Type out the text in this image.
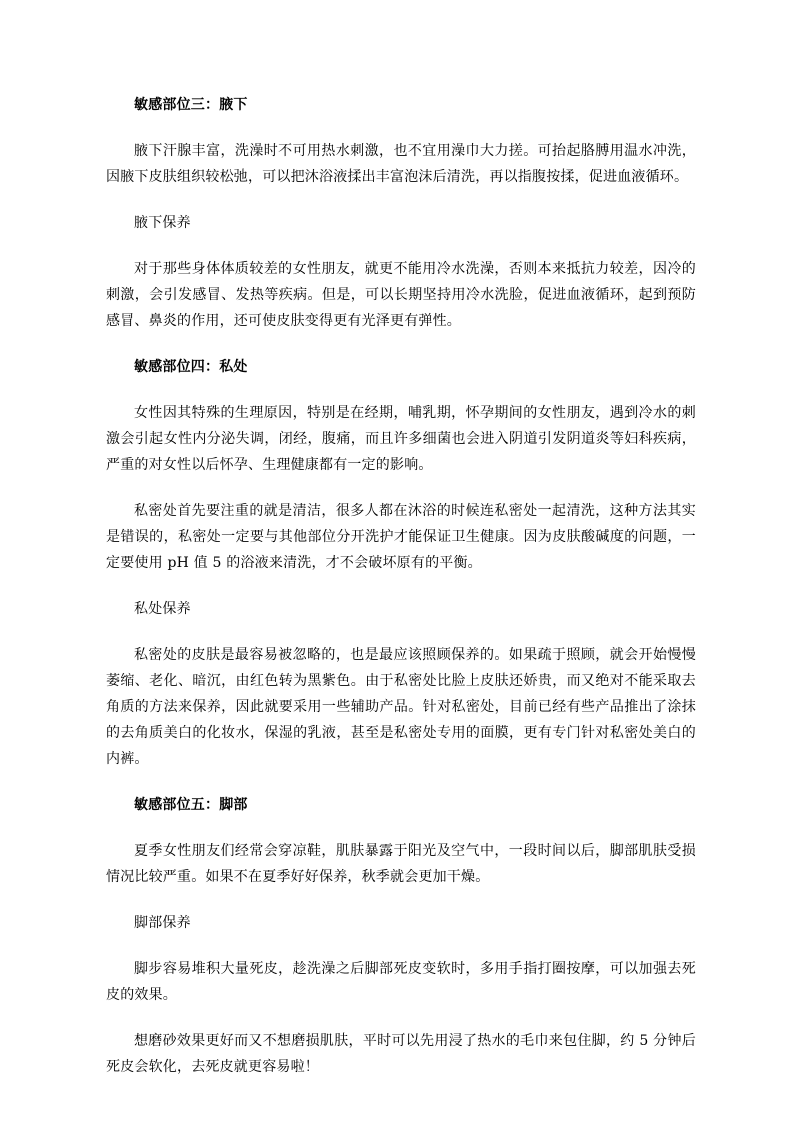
敏感部位三：腋下

腋下汗腺丰富，洗澡时不可用热水刺激，也不宜用澡巾大力搓。可抬起胳膊用温水冲洗，因腋下皮肤组织较松弛，可以把沐浴液揉出丰富泡沫后清洗，再以指腹按揉，促进血液循环。

腋下保养

对于那些身体体质较差的女性朋友，就更不能用冷水洗澡，否则本来抵抗力较差，因冷的刺激，会引发感冒、发热等疾病。但是，可以长期坚持用冷水洗脸，促进血液循环，起到预防感冒、鼻炎的作用，还可使皮肤变得更有光泽更有弹性。

敏感部位四：私处

女性因其特殊的生理原因，特别是在经期，哺乳期，怀孕期间的女性朋友，遇到冷水的刺激会引起女性内分泌失调，闭经，腹痛，而且许多细菌也会进入阴道引发阴道炎等妇科疾病，严重的对女性以后怀孕、生理健康都有一定的影响。

私密处首先要注重的就是清洁，很多人都在沐浴的时候连私密处一起清洗，这种方法其实是错误的，私密处一定要与其他部位分开洗护才能保证卫生健康。因为皮肤酸碱度的问题，一定要使用 pH 值 5 的浴液来清洗，才不会破坏原有的平衡。

私处保养

私密处的皮肤是最容易被忽略的，也是最应该照顾保养的。如果疏于照顾，就会开始慢慢萎缩、老化、暗沉，由红色转为黑紫色。由于私密处比脸上皮肤还娇贵，而又绝对不能采取去角质的方法来保养，因此就要采用一些辅助产品。针对私密处，目前已经有些产品推出了涂抹的去角质美白的化妆水，保湿的乳液，甚至是私密处专用的面膜，更有专门针对私密处美白的内裤。

敏感部位五：脚部

夏季女性朋友们经常会穿凉鞋，肌肤暴露于阳光及空气中，一段时间以后，脚部肌肤受损情况比较严重。如果不在夏季好好保养，秋季就会更加干燥。

脚部保养

脚步容易堆积大量死皮，趁洗澡之后脚部死皮变软时，多用手指打圈按摩，可以加强去死皮的效果。

想磨砂效果更好而又不想磨损肌肤，平时可以先用浸了热水的毛巾来包住脚，约 5 分钟后死皮会软化，去死皮就更容易啦！
